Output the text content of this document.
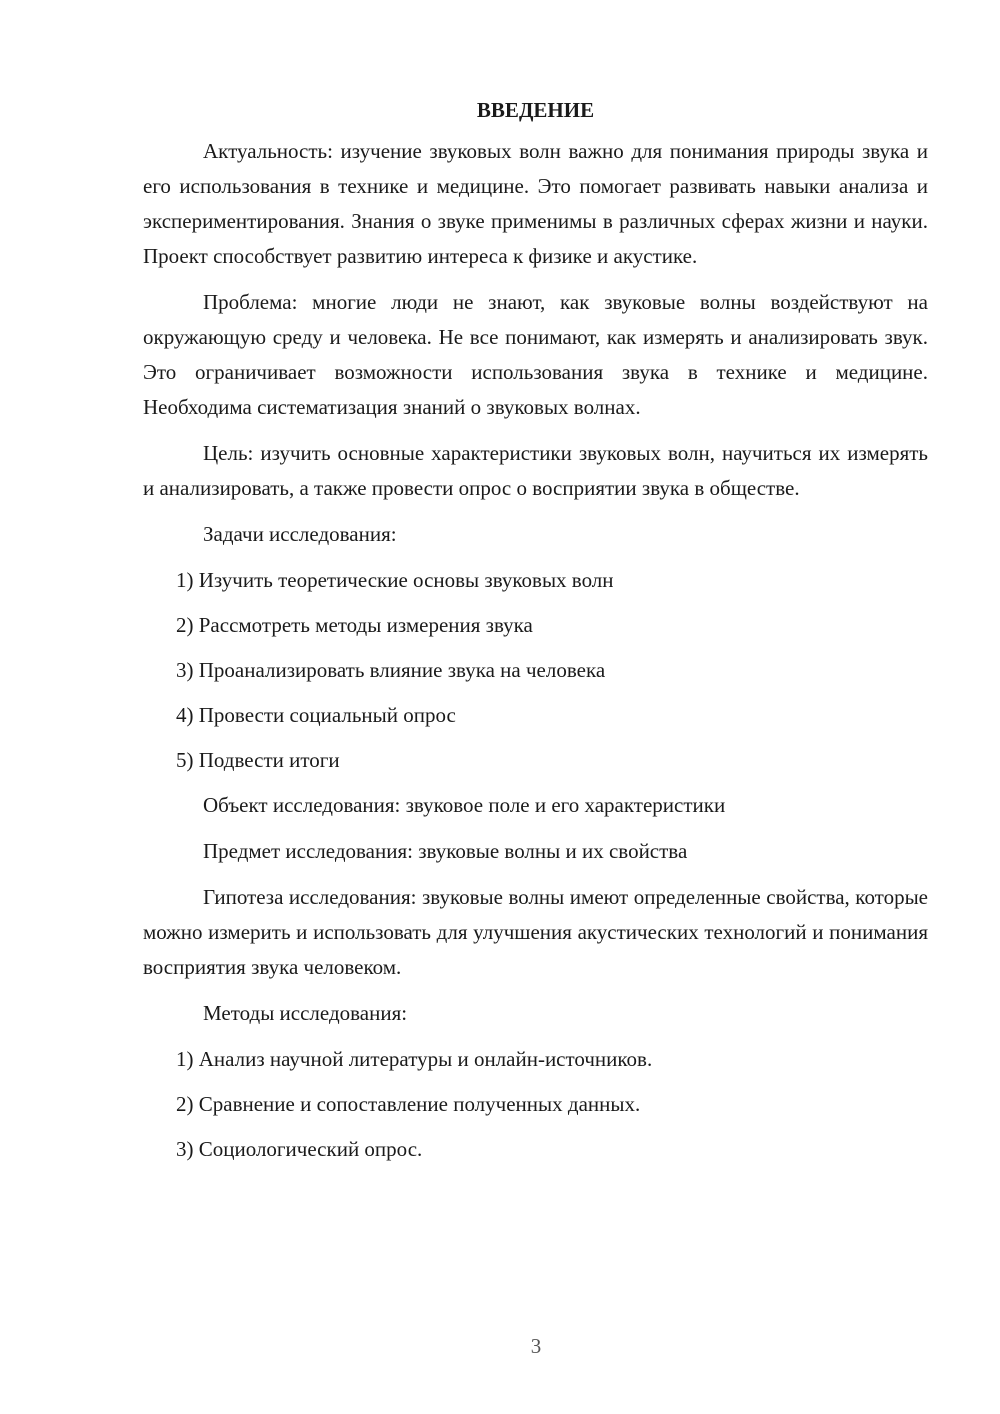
ВВЕДЕНИЕ

Актуальность: изучение звуковых волн важно для понимания природы звука и его использования в технике и медицине. Это помогает развивать навыки анализа и экспериментирования. Знания о звуке применимы в различных сферах жизни и науки. Проект способствует развитию интереса к физике и акустике.

Проблема: многие люди не знают, как звуковые волны воздействуют на окружающую среду и человека. Не все понимают, как измерять и анализировать звук. Это ограничивает возможности использования звука в технике и медицине. Необходима систематизация знаний о звуковых волнах.

Цель: изучить основные характеристики звуковых волн, научиться их измерять и анализировать, а также провести опрос о восприятии звука в обществе.

Задачи исследования:

1) Изучить теоретические основы звуковых волн
2) Рассмотреть методы измерения звука
3) Проанализировать влияние звука на человека
4) Провести социальный опрос
5) Подвести итоги

Объект исследования: звуковое поле и его характеристики

Предмет исследования: звуковые волны и их свойства

Гипотеза исследования: звуковые волны имеют определенные свойства, которые можно измерить и использовать для улучшения акустических технологий и понимания восприятия звука человеком.

Методы исследования:

1) Анализ научной литературы и онлайн-источников.
2) Сравнение и сопоставление полученных данных.
3) Социологический опрос.
3
